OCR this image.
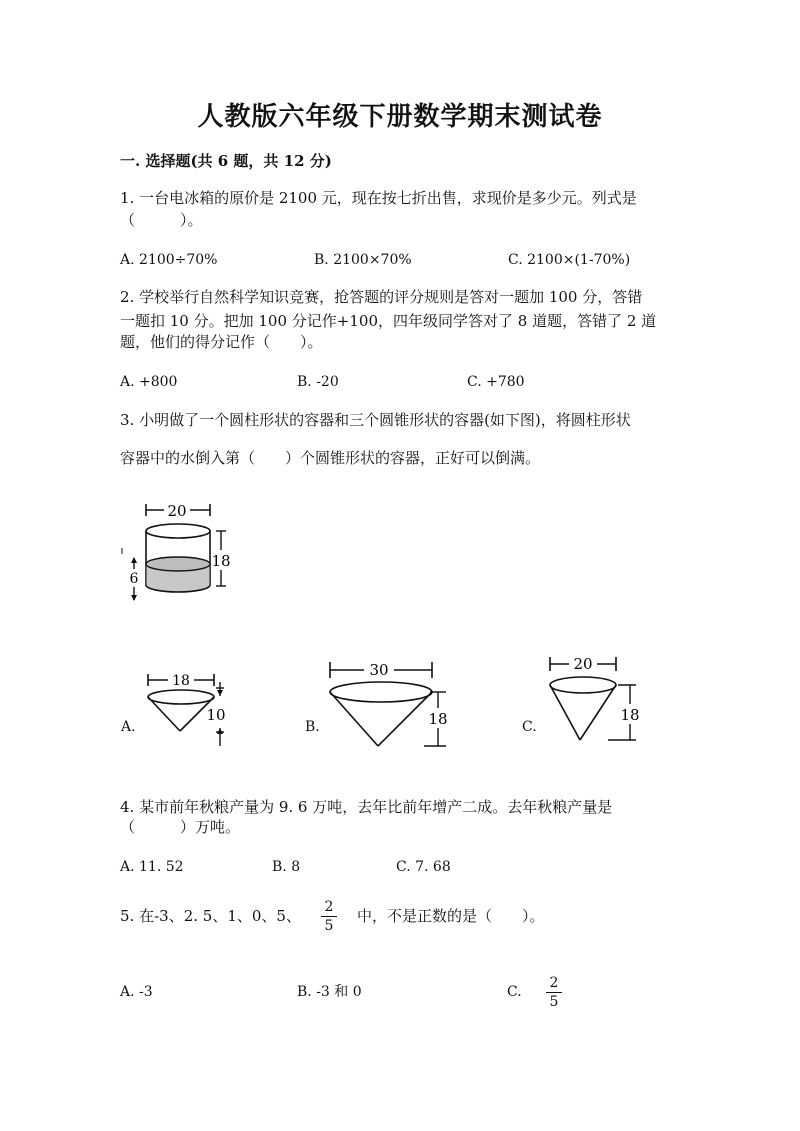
人教版六年级下册数学期末测试卷
一. 选择题(共 6 题，共 12 分)
1. 一台电冰箱的原价是 2100 元，现在按七折出售，求现价是多少元。列式是
（　　　）。
A. 2100÷70%	B. 2100×70%	C. 2100×(1-70%)
2. 学校举行自然科学知识竞赛，抢答题的评分规则是答对一题加 100 分，答错
一题扣 10 分。把加 100 分记作+100，四年级同学答对了 8 道题，答错了 2 道
题，他们的得分记作（　　）。
A. +800	B. -20	C. +780
3. 小明做了一个圆柱形状的容器和三个圆锥形状的容器(如下图)，将圆柱形状
容器中的水倒入第（　　）个圆锥形状的容器，正好可以倒满。
20
18
6
A.
18
10
B.
30
18	C.
20
18
4. 某市前年秋粮产量为 9. 6 万吨，去年比前年增产二成。去年秋粮产量是
（　　　）万吨。
A. 11. 52	B. 8	C. 7. 68
5. 在-3、2. 5、1、0、5、 2
5
中，不是正数的是（　　）。
A. -3	B. -3 和 0	C.
2
5
